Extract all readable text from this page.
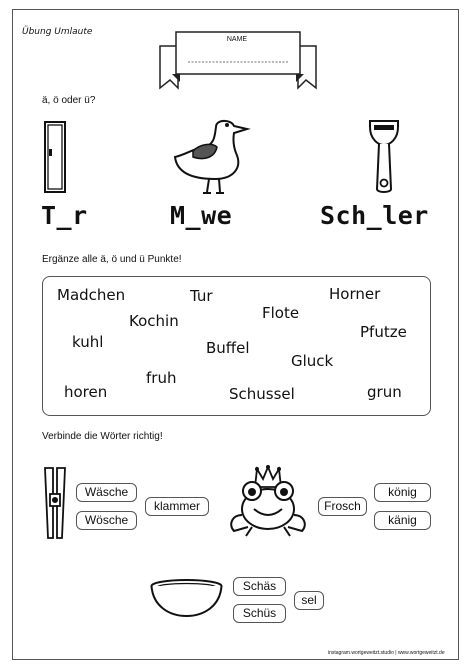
Übung Umlaute
NAME
ä, ö oder ü?
T_r	M_we	Sch_ler
Ergänze alle ä, ö und ü Punkte!
Madchen	Tur	Horner
Flote
Kochin
Pfutze
kuhl	Buffel
Gluck
fruh
horen	Schussel	grun
Verbinde die Wörter richtig!
Wäsche
Wösche
klammer	Frosch
könig
känig
Schäs
Schüs
sel
instagram.wortgeweitzt.studio | www.wortgeweitzt.de
